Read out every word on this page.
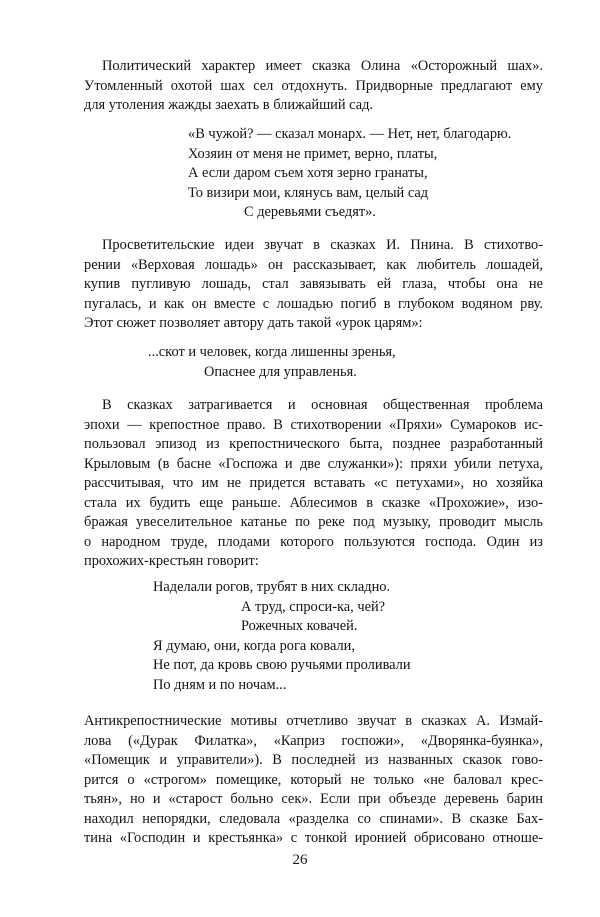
Политический характер имеет сказка Олина «Осторожный шах».
Утомленный охотой шах сел отдохнуть. Придворные предлагают ему
для утоления жажды заехать в ближайший сад.
«В чужой? — сказал монарх. — Нет, нет, благодарю.
Хозяин от меня не примет, верно, платы,
А если даром съем хотя зерно гранаты,
То визири мои, клянусь вам, целый сад
С деревьями съедят».
Просветительские идеи звучат в сказках И. Пнина. В стихотво-
рении «Верховая лошадь» он рассказывает, как любитель лошадей,
купив пугливую лошадь, стал завязывать ей глаза, чтобы она не
пугалась, и как он вместе с лошадью погиб в глубоком водяном рву.
Этот сюжет позволяет автору дать такой «урок царям»:
...скот и человек, когда лишенны зренья,
Опаснее для управленья.
В сказках затрагивается и основная общественная проблема
эпохи — крепостное право. В стихотворении «Пряхи» Сумароков ис-
пользовал эпизод из крепостнического быта, позднее разработанный
Крыловым (в басне «Госпожа и две служанки»): пряхи убили петуха,
рассчитывая, что им не придется вставать «с петухами», но хозяйка
стала их будить еще раньше. Аблесимов в сказке «Прохожие», изо-
бражая увеселительное катанье по реке под музыку, проводит мысль
о народном труде, плодами которого пользуются господа. Один из
прохожих-крестьян говорит:
Наделали рогов, трубят в них складно.
А труд, спроси-ка, чей?
Рожечных ковачей.
Я думаю, они, когда рога ковали,
Не пот, да кровь свою ручьями проливали
По дням и по ночам...
Антикрепостнические мотивы отчетливо звучат в сказках А. Измай-
лова («Дурак Филатка», «Каприз госпожи», «Дворянка-буянка»,
«Помещик и управители»). В последней из названных сказок гово-
рится о «строгом» помещике, который не только «не баловал крес-
тьян», но и «старост больно сек». Если при объезде деревень барин
находил непорядки, следовала «разделка со спинами». В сказке Бах-
тина «Господин и крестьянка» с тонкой иронией обрисовано отноше-
26
